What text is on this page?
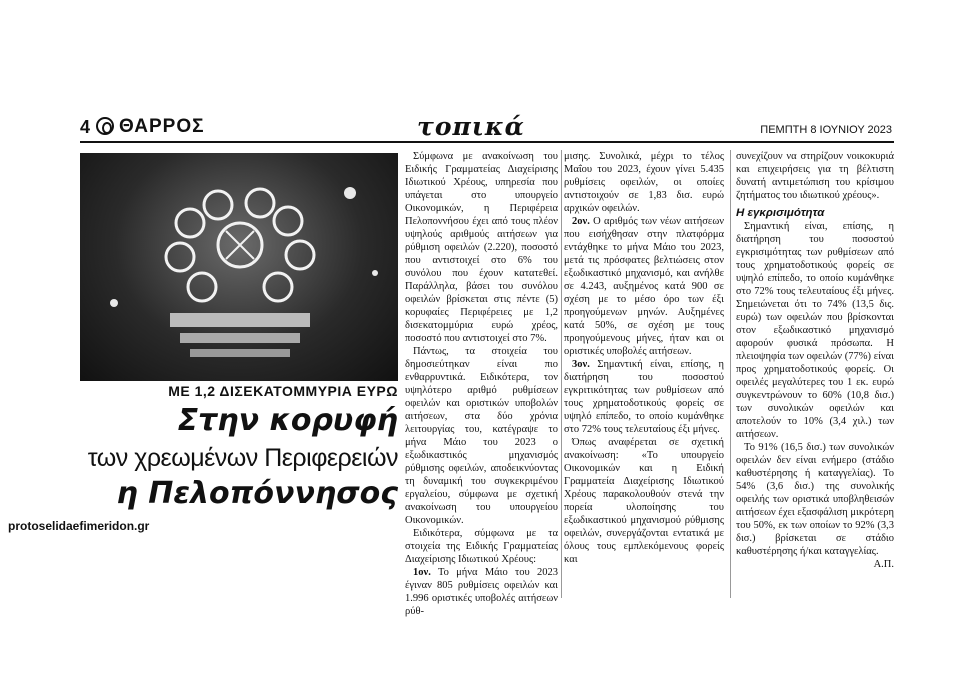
4 ΘΑΡΡΟΣ	τοπικά	ΠΕΜΠΤΗ 8 ΙΟΥΝΙΟΥ 2023
ΜΕ 1,2 ΔΙΣΕΚΑΤΟΜΜΥΡΙΑ ΕΥΡΩ
Στην κορυφή
των χρεωμένων Περιφερειών
η Πελοπόννησος
protoselidaefimeridon.gr

Σύμφωνα με ανακοίνωση του Ειδικής Γραμματείας Διαχείρισης Ιδιωτικού Χρέους, υπηρεσία που υπάγεται στο υπουργείο Οικονομικών, η Περιφέρεια Πελοποννήσου έχει από τους πλέον υψηλούς αριθμούς αιτήσεων για ρύθμιση οφειλών (2.220), ποσοστό που αντιστοιχεί στο 6% του συνόλου που έχουν κατατεθεί. Παράλληλα, βάσει του συνόλου οφειλών βρίσκεται στις πέντε (5) κορυφαίες Περιφέρειες με 1,2 δισεκατομμύρια ευρώ χρέος, ποσοστό που αντιστοιχεί στο 7%.

Πάντως, τα στοιχεία του δημοσιεύτηκαν είναι πιο ενθαρρυντικά. Ειδικότερα, τον υψηλότερο αριθμό ρυθμίσεων οφειλών και οριστικών υποβολών αιτήσεων, στα δύο χρόνια λειτουργίας του, κατέγραψε το μήνα Μάιο του 2023 ο εξωδικαστικός μηχανισμός ρύθμισης οφειλών, αποδεικνύοντας τη δυναμική του συγκεκριμένου εργαλείου, σύμφωνα με σχετική ανακοίνωση του υπουργείου Οικονομικών.

Ειδικότερα, σύμφωνα με τα στοιχεία της Ειδικής Γραμματείας Διαχείρισης Ιδιωτικού Χρέους:

1ον. Το μήνα Μάιο του 2023 έγιναν 805 ρυθμίσεις οφειλών και 1.996 οριστικές υποβολές αιτήσεων ρύθ-

μισης. Συνολικά, μέχρι το τέλος Μαΐου του 2023, έχουν γίνει 5.435 ρυθμίσεις οφειλών, οι οποίες αντιστοιχούν σε 1,83 δισ. ευρώ αρχικών οφειλών.

2ον. Ο αριθμός των νέων αιτήσεων που εισήχθησαν στην πλατφόρμα εντάχθηκε το μήνα Μάιο του 2023, μετά τις πρόσφατες βελτιώσεις στον εξωδικαστικό μηχανισμό, και ανήλθε σε 4.243, αυξημένος κατά 900 σε σχέση με το μέσο όρο των έξι προηγούμενων μηνών. Αυξημένες κατά 50%, σε σχέση με τους προηγούμενους μήνες, ήταν και οι οριστικές υποβολές αιτήσεων.

3ον. Σημαντική είναι, επίσης, η διατήρηση του ποσοστού εγκριτικότητας των ρυθμίσεων από τους χρηματοδοτικούς φορείς σε υψηλό επίπεδο, το οποίο κυμάνθηκε στο 72% τους τελευταίους έξι μήνες.

Όπως αναφέρεται σε σχετική ανακοίνωση: «Το υπουργείο Οικονομικών και η Ειδική Γραμματεία Διαχείρισης Ιδιωτικού Χρέους παρακολουθούν στενά την πορεία υλοποίησης του εξωδικαστικού μηχανισμού ρύθμισης οφειλών, συνεργάζονται εντατικά με όλους τους εμπλεκόμενους φορείς και

συνεχίζουν να στηρίζουν νοικοκυριά και επιχειρήσεις για τη βέλτιστη δυνατή αντιμετώπιση του κρίσιμου ζητήματος του ιδιωτικού χρέους».

Η εγκρισιμότητα

Σημαντική είναι, επίσης, η διατήρηση του ποσοστού εγκρισιμότητας των ρυθμίσεων από τους χρηματοδοτικούς φορείς σε υψηλό επίπεδο, το οποίο κυμάνθηκε στο 72% τους τελευταίους έξι μήνες. Σημειώνεται ότι το 74% (13,5 δις. ευρώ) των οφειλών που βρίσκονται στον εξωδικαστικό μηχανισμό αφορούν φυσικά πρόσωπα. Η πλειοψηφία των οφειλών (77%) είναι προς χρηματοδοτικούς φορείς. Οι οφειλές μεγαλύτερες του 1 εκ. ευρώ συγκεντρώνουν το 60% (10,8 δισ.) των συνολικών οφειλών και αποτελούν το 10% (3,4 χιλ.) των αιτήσεων.

Το 91% (16,5 δισ.) των συνολικών οφειλών δεν είναι ενήμερο (στάδιο καθυστέρησης ή καταγγελίας). Το 54% (3,6 δισ.) της συνολικής οφειλής των οριστικά υποβληθεισών αιτήσεων έχει εξασφάλιση μικρότερη του 50%, εκ των οποίων το 92% (3,3 δισ.) βρίσκεται σε στάδιο καθυστέρησης ή/και καταγγελίας.

Α.Π.
